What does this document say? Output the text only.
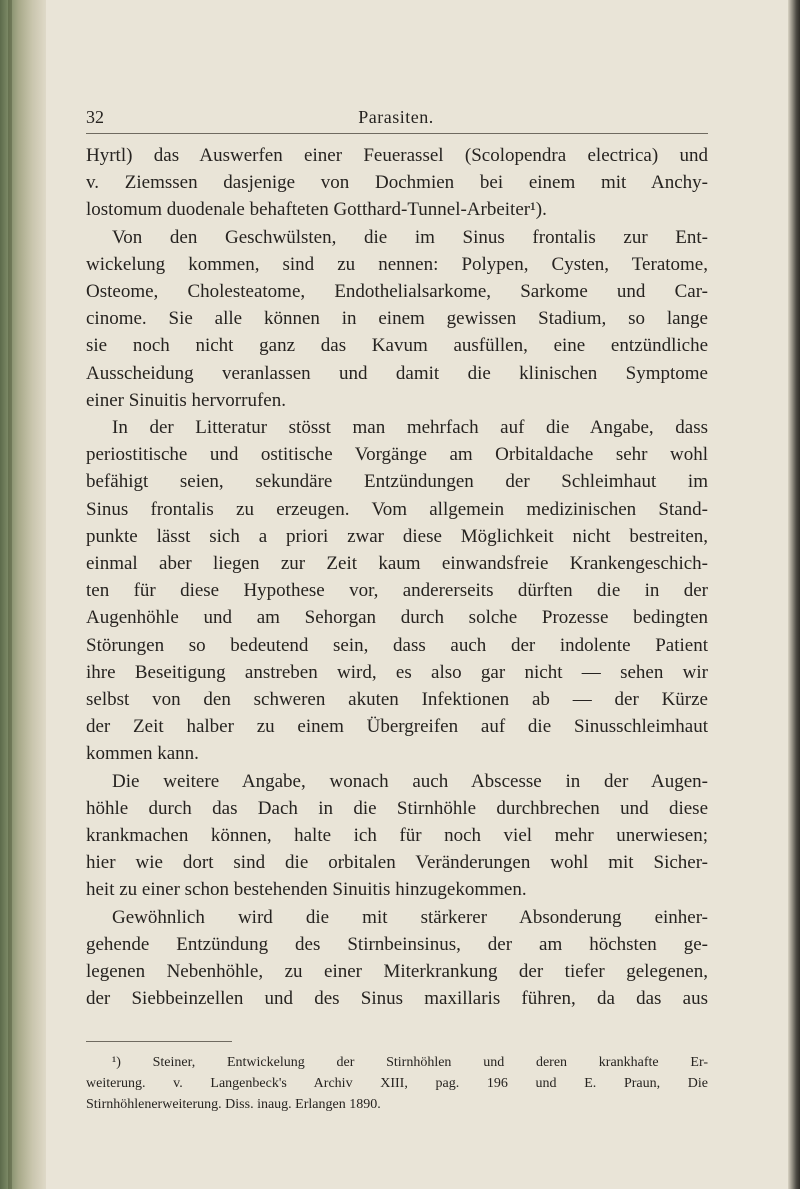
32	Parasiten.
Hyrtl) das Auswerfen einer Feuerassel (Scolopendra electrica) und
v. Ziemssen dasjenige von Dochmien bei einem mit Anchy-
lostomum duodenale behafteten Gotthard-Tunnel-Arbeiter¹).
Von den Geschwülsten, die im Sinus frontalis zur Ent-
wickelung kommen, sind zu nennen: Polypen, Cysten, Teratome,
Osteome, Cholesteatome, Endothelialsarkome, Sarkome und Car-
cinome. Sie alle können in einem gewissen Stadium, so lange
sie noch nicht ganz das Kavum ausfüllen, eine entzündliche
Ausscheidung veranlassen und damit die klinischen Symptome
einer Sinuitis hervorrufen.
In der Litteratur stösst man mehrfach auf die Angabe, dass
periostitische und ostitische Vorgänge am Orbitaldache sehr wohl
befähigt seien, sekundäre Entzündungen der Schleimhaut im
Sinus frontalis zu erzeugen. Vom allgemein medizinischen Stand-
punkte lässt sich a priori zwar diese Möglichkeit nicht bestreiten,
einmal aber liegen zur Zeit kaum einwandsfreie Krankengeschich-
ten für diese Hypothese vor, andererseits dürften die in der
Augenhöhle und am Sehorgan durch solche Prozesse bedingten
Störungen so bedeutend sein, dass auch der indolente Patient
ihre Beseitigung anstreben wird, es also gar nicht — sehen wir
selbst von den schweren akuten Infektionen ab — der Kürze
der Zeit halber zu einem Übergreifen auf die Sinusschleimhaut
kommen kann.
Die weitere Angabe, wonach auch Abscesse in der Augen-
höhle durch das Dach in die Stirnhöhle durchbrechen und diese
krankmachen können, halte ich für noch viel mehr unerwiesen;
hier wie dort sind die orbitalen Veränderungen wohl mit Sicher-
heit zu einer schon bestehenden Sinuitis hinzugekommen.
Gewöhnlich wird die mit stärkerer Absonderung einher-
gehende Entzündung des Stirnbeinsinus, der am höchsten ge-
legenen Nebenhöhle, zu einer Miterkrankung der tiefer gelegenen,
der Siebbeinzellen und des Sinus maxillaris führen, da das aus
¹) Steiner, Entwickelung der Stirnhöhlen und deren krankhafte Er-
weiterung. v. Langenbeck's Archiv XIII, pag. 196 und E. Praun, Die
Stirnhöhlenerweiterung. Diss. inaug. Erlangen 1890.
